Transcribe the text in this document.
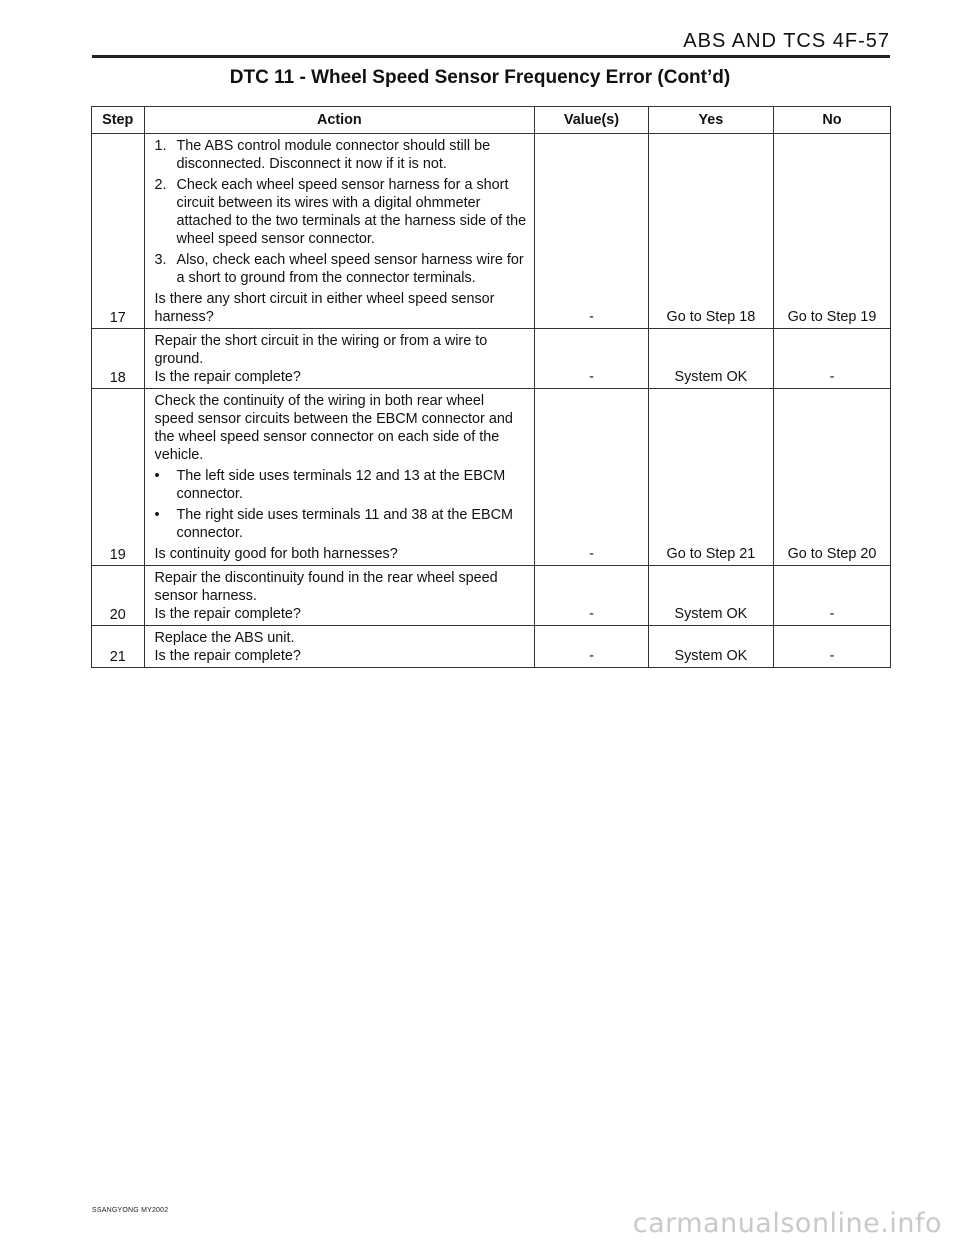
ABS AND TCS 4F-57
DTC 11 - Wheel Speed Sensor Frequency Error (Cont’d)
Step	Action	Value(s)	Yes	No
17	1. The ABS control module connector should still be disconnected. Disconnect it now if it is not.
2. Check each wheel speed sensor harness for a short circuit between its wires with a digital ohmmeter attached to the two terminals at the harness side of the wheel speed sensor connector.
3. Also, check each wheel speed sensor harness wire for a short to ground from the connector terminals.

Is there any short circuit in either wheel speed sensor harness?	-	Go to Step 18	Go to Step 19
18	Repair the short circuit in the wiring or from a wire to ground.

Is the repair complete?	-	System OK	-
19	Check the continuity of the wiring in both rear wheel speed sensor circuits between the EBCM connector and the wheel speed sensor connector on each side of the vehicle.

• The left side uses terminals 12 and 13 at the EBCM connector.
• The right side uses terminals 11 and 38 at the EBCM connector.

Is continuity good for both harnesses?	-	Go to Step 21	Go to Step 20
20	Repair the discontinuity found in the rear wheel speed sensor harness.

Is the repair complete?	-	System OK	-
21	Replace the ABS unit.

Is the repair complete?	-	System OK	-
SSANGYONG MY2002	carmanualsonline.info
